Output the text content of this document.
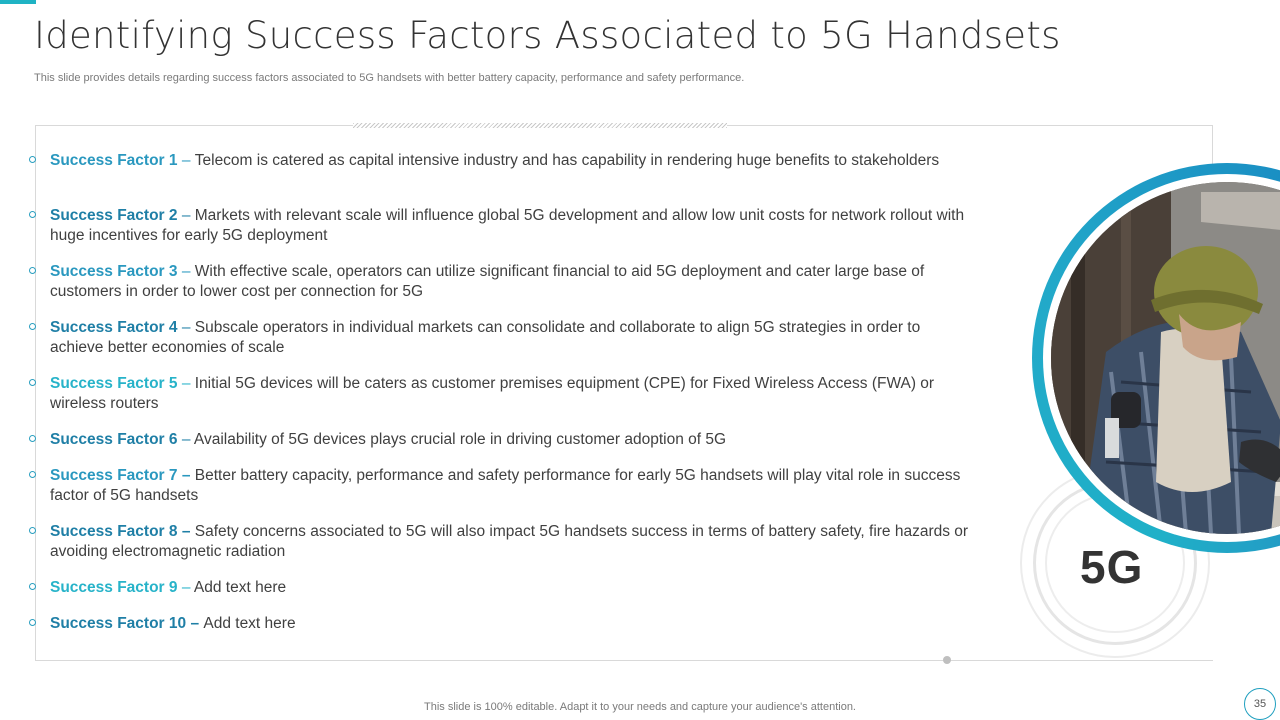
Identifying Success Factors Associated to 5G Handsets

This slide provides details regarding success factors associated to 5G handsets with better battery capacity, performance and safety performance.

Success Factor 1 – Telecom is catered as capital intensive industry and has capability in rendering huge benefits to stakeholders
Success Factor 2 – Markets with relevant scale will influence global 5G development and allow low unit costs for network rollout with huge incentives for early 5G deployment
Success Factor 3 – With effective scale, operators can utilize significant financial to aid 5G deployment and cater large base of customers in order to lower cost per connection for 5G
Success Factor 4 – Subscale operators in individual markets can consolidate and collaborate to align 5G strategies in order to achieve better economies of scale
Success Factor 5 – Initial 5G devices will be caters as customer premises equipment (CPE) for Fixed Wireless Access (FWA) or wireless routers
Success Factor 6 – Availability of 5G devices plays crucial role in driving customer adoption of 5G
Success Factor 7 – Better battery capacity, performance and safety performance for early 5G handsets will play vital role in success factor of 5G handsets
Success Factor 8 – Safety concerns associated to 5G will also impact 5G handsets success in terms of battery safety, fire hazards or avoiding electromagnetic radiation
Success Factor 9 – Add text here
Success Factor 10 – Add text here
5G
35
This slide is 100% editable. Adapt it to your needs and capture your audience's attention.
